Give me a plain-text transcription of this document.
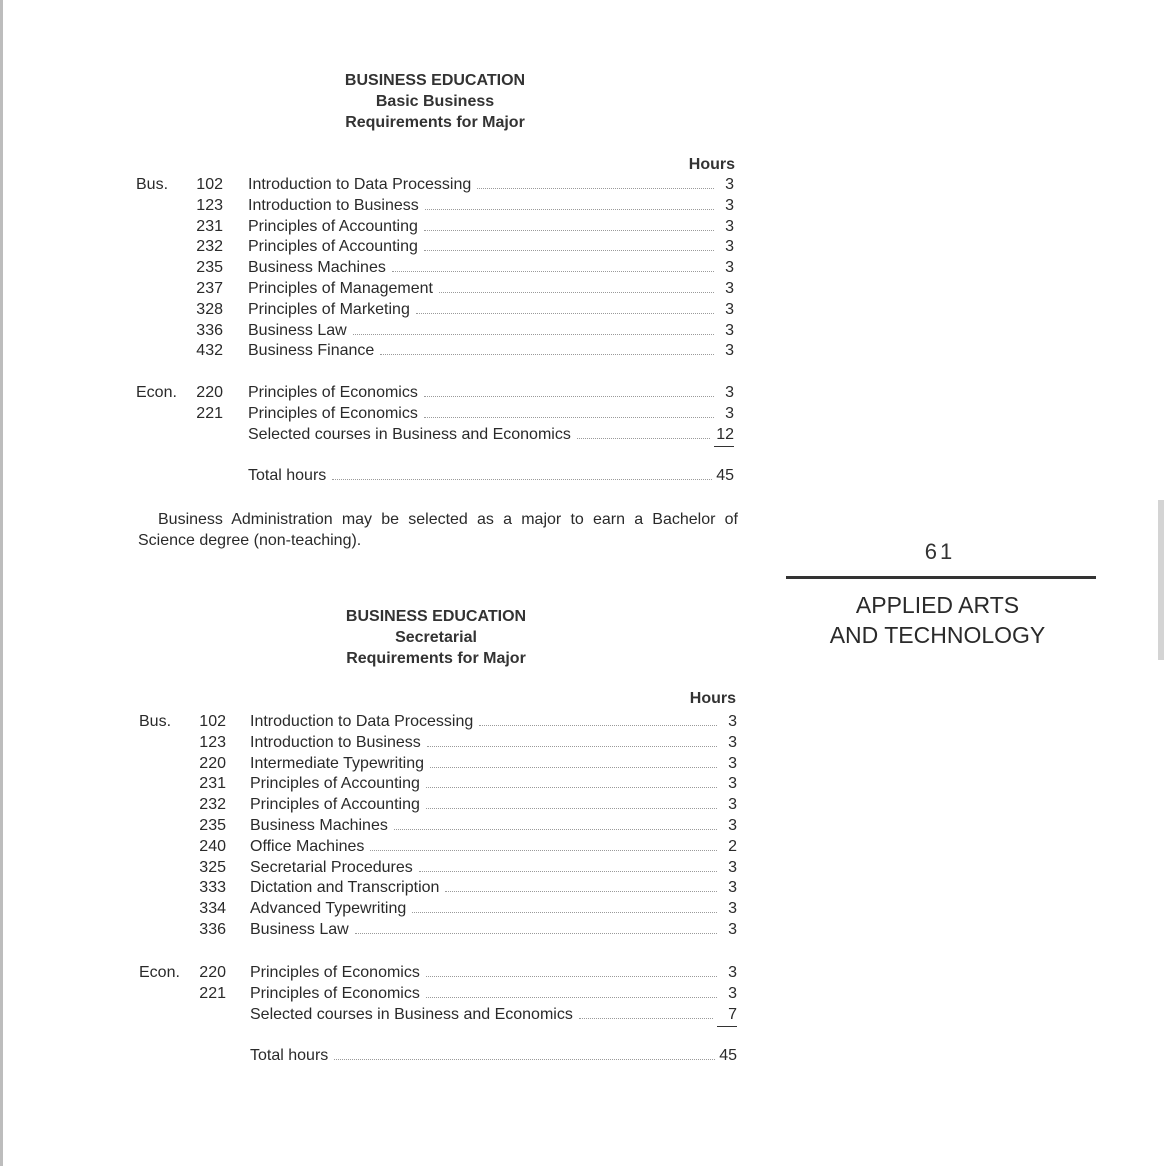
BUSINESS EDUCATION
Basic Business
Requirements for Major
Hours
Bus.	102 Introduction to Data Processing	3
123 Introduction to Business	3
231 Principles of Accounting	3
232 Principles of Accounting	3
235 Business Machines	3
237 Principles of Management	3
328 Principles of Marketing	3
336 Business Law	3
432 Business Finance	3
Econ.	220 Principles of Economics	3
221 Principles of Economics	3
Selected courses in Business and Economics	12
Total hours	45
Business Administration may be selected as a major to earn a Bachelor of Science degree (non-teaching).
BUSINESS EDUCATION
Secretarial
Requirements for Major
Hours
Bus.	102 Introduction to Data Processing	3
123 Introduction to Business	3
220 Intermediate Typewriting	3
231 Principles of Accounting	3
232 Principles of Accounting	3
235 Business Machines	3
240 Office Machines	2
325 Secretarial Procedures	3
333 Dictation and Transcription	3
334 Advanced Typewriting	3
336 Business Law	3
Econ.	220 Principles of Economics	3
221 Principles of Economics	3
Selected courses in Business and Economics	7
Total hours	45
61
APPLIED ARTS
AND TECHNOLOGY
